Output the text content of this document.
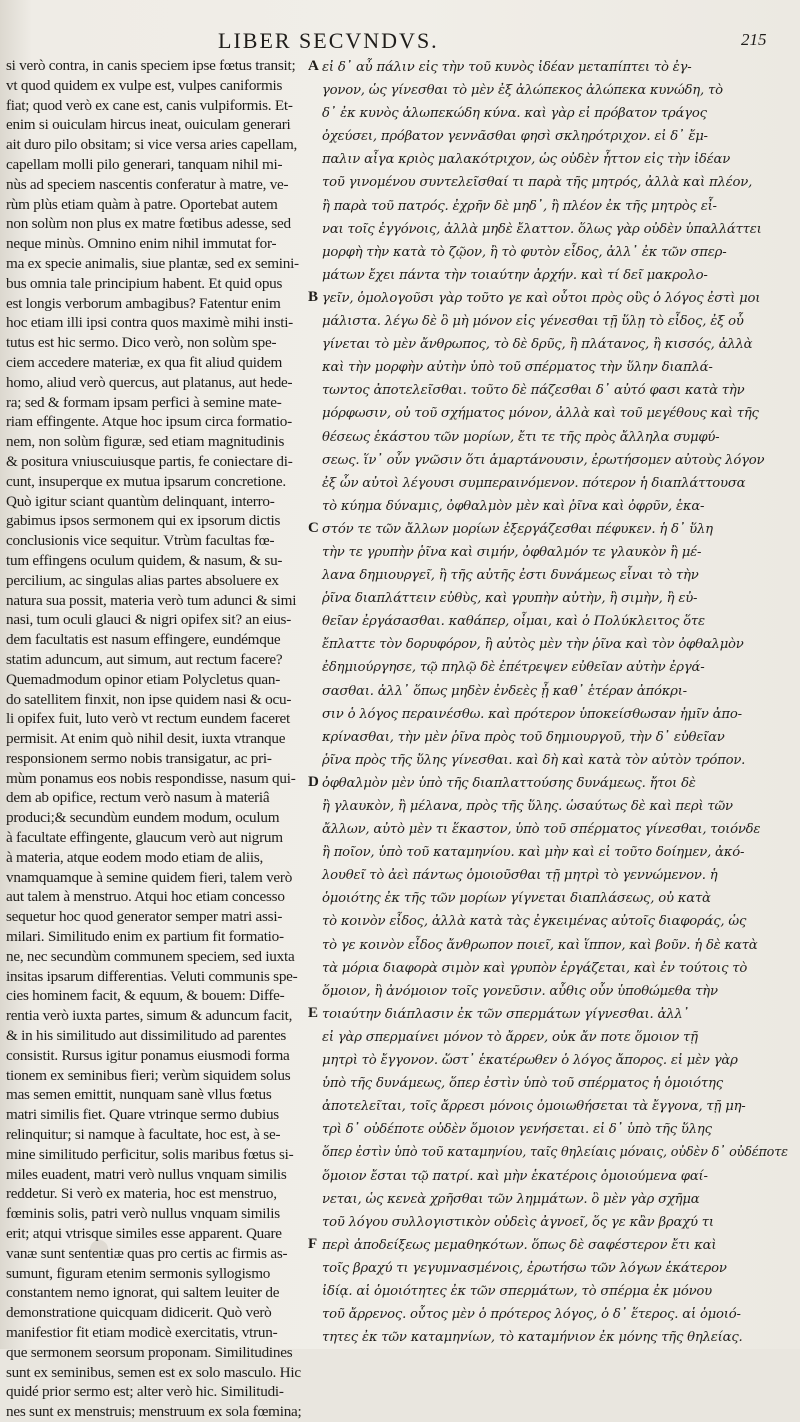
LIBER SECVNDVS.	215
si verò contra, in canis speciem ipse fœtus transit;
vt quod quidem ex vulpe est, vulpes caniformis
fiat; quod verò ex cane est, canis vulpiformis. Et-
enim si ouiculam hircus ineat, ouiculam generari
ait duro pilo obsitam; si vice versa aries capellam,
capellam molli pilo generari, tanquam nihil mi-
nùs ad speciem nascentis conferatur à matre, ve-
rùm plùs etiam quàm à patre. Oportebat autem
non solùm non plus ex matre fœtibus adesse, sed
neque minùs. Omnino enim nihil immutat for-
ma ex specie animalis, siue plantæ, sed ex semini-
bus omnia tale principium habent. Et quid opus
est longis verborum ambagibus? Fatentur enim
hoc etiam illi ipsi contra quos maximè mihi insti-
tutus est hic sermo. Dico verò, non solùm spe-
ciem accedere materiæ, ex qua fit aliud quidem
homo, aliud verò quercus, aut platanus, aut hede-
ra; sed & formam ipsam perfici à semine mate-
riam effingente. Atque hoc ipsum circa formatio-
nem, non solùm figuræ, sed etiam magnitudinis
& positura vniuscuiusque partis, fe coniectare di-
cunt, insuperque ex mutua ipsarum concretione.
Quò igitur sciant quantùm delinquant, interro-
gabimus ipsos sermonem qui ex ipsorum dictis
conclusionis vice sequitur. Vtrùm facultas fœ-
tum effingens oculum quidem, & nasum, & su-
percilium, ac singulas alias partes absoluere ex
natura sua possit, materia verò tum adunci & simi
nasi, tum oculi glauci & nigri opifex sit? an eius-
dem facultatis est nasum effingere, eundémque
statim aduncum, aut simum, aut rectum facere?
Quemadmodum opinor etiam Polycletus quan-
do satellitem finxit, non ipse quidem nasi & ocu-
li opifex fuit, luto verò vt rectum eundem faceret
permisit. At enim quò nihil desit, iuxta vtranque
responsionem sermo nobis transigatur, ac pri-
mùm ponamus eos nobis respondisse, nasum qui-
dem ab opifice, rectum verò nasum à materiâ
produci;& secundùm eundem modum, oculum
à facultate effingente, glaucum verò aut nigrum
à materia, atque eodem modo etiam de aliis,
vnamquamque à semine quidem fieri, talem verò
aut talem à menstruo. Atqui hoc etiam concesso
sequetur hoc quod generator semper matri assi-
milari. Similitudo enim ex partium fit formatio-
ne, nec secundùm communem speciem, sed iuxta
insitas ipsarum differentias. Veluti communis spe-
cies hominem facit, & equum, & bouem: Diffe-
rentia verò iuxta partes, simum & aduncum facit,
& in his similitudo aut dissimilitudo ad parentes
consistit. Rursus igitur ponamus eiusmodi forma
tionem ex seminibus fieri; verùm siquidem solus
mas semen emittit, nunquam sanè vllus fœtus
matri similis fiet. Quare vtrinque sermo dubius
relinquitur; si namque à facultate, hoc est, à se-
mine similitudo perficitur, solis maribus fœtus si-
miles euadent, matri verò nullus vnquam similis
reddetur. Si verò ex materia, hoc est menstruo,
fœminis solis, patri verò nullus vnquam similis
erit; atqui vtrisque similes esse apparent. Quare
vanæ sunt sententiæ quas pro certis ac firmis as-
sumunt, figuram etenim sermonis syllogismo
constantem nemo ignorat, qui saltem leuiter de
demonstratione quicquam didicerit. Quò verò
manifestior fit etiam modicè exercitatis, vtrun-
que sermonem seorsum proponam. Similitudines
sunt ex seminibus, semen est ex solo masculo. Hic
quidé prior sermo est; alter verò hic. Similitudi-
nes sunt ex menstruis; menstruum ex sola fœmina;
A
B
C
D
E
F
εἰ δ᾽ αὖ πάλιν εἰς τὴν τοῦ κυνὸς ἰδέαν μεταπίπτει τὸ ἐγ-
γονον, ὡς γίνεσθαι τὸ μὲν ἐξ ἀλώπεκος ἀλώπεκα κυνώδη, τὸ
δ᾽ ἐκ κυνὸς ἀλωπεκώδη κύνα. καὶ γὰρ εἰ πρόβατον τράγος
ὀχεύσει, πρόβατον γεννᾶσθαι φησὶ σκληρότριχον. εἰ δ᾽ ἔμ-
παλιν αἶγα κριὸς μαλακότριχον, ὡς οὐδὲν ἧττον εἰς τὴν ἰδέαν
τοῦ γινομένου συντελεῖσθαί τι παρὰ τῆς μητρός, ἀλλὰ καὶ πλέον,
ἢ παρὰ τοῦ πατρός. ἐχρῆν δὲ μηδ᾽, ἢ πλέον ἐκ τῆς μητρὸς εἶ-
ναι τοῖς ἐγγόνοις, ἀλλὰ μηδὲ ἔλαττον. ὅλως γὰρ οὐδὲν ὑπαλλάττει
μορφὴ τὴν κατὰ τὸ ζῷον, ἢ τὸ φυτὸν εἶδος, ἀλλ᾽ ἐκ τῶν σπερ-
μάτων ἔχει πάντα τὴν τοιαύτην ἀρχήν. καὶ τί δεῖ μακρολο-
γεῖν, ὁμολογοῦσι γὰρ τοῦτο γε καὶ οὗτοι πρὸς οὓς ὁ λόγος ἐστὶ μοι
μάλιστα. λέγω δὲ ὃ μὴ μόνον εἰς γένεσθαι τῇ ὕλῃ τὸ εἶδος, ἐξ οὗ
γίνεται τὸ μὲν ἄνθρωπος, τὸ δὲ δρῦς, ἢ πλάτανος, ἢ κισσός, ἀλλὰ
καὶ τὴν μορφὴν αὐτὴν ὑπὸ τοῦ σπέρματος τὴν ὕλην διαπλά-
τωντος ἀποτελεῖσθαι. τοῦτο δὲ πάζεσθαι δ᾽ αὐτό φασι κατὰ τὴν
μόρφωσιν, οὐ τοῦ σχήματος μόνον, ἀλλὰ καὶ τοῦ μεγέθους καὶ τῆς
θέσεως ἑκάστου τῶν μορίων, ἔτι τε τῆς πρὸς ἄλληλα συμφύ-
σεως. ἵν᾽ οὖν γνῶσιν ὅτι ἁμαρτάνουσιν, ἐρωτήσομεν αὐτοὺς λόγον
ἐξ ὧν αὐτοὶ λέγουσι συμπεραινόμενον. πότερον ἡ διαπλάττουσα
τὸ κύημα δύναμις, ὀφθαλμὸν μὲν καὶ ῥῖνα καὶ ὀφρῦν, ἑκα-
στόν τε τῶν ἄλλων μορίων ἐξεργάζεσθαι πέφυκεν. ἡ δ᾽ ὕλη
τὴν τε γρυπὴν ῥῖνα καὶ σιμήν, ὀφθαλμόν τε γλαυκὸν ἢ μέ-
λανα δημιουργεῖ, ἢ τῆς αὐτῆς ἐστι δυνάμεως εἶναι τὸ τὴν
ῥῖνα διαπλάττειν εὐθὺς, καὶ γρυπὴν αὐτὴν, ἢ σιμὴν, ἢ εὐ-
θεῖαν ἐργάσασθαι. καθάπερ, οἶμαι, καὶ ὁ Πολύκλειτος ὅτε
ἔπλαττε τὸν δορυφόρον, ἢ αὐτὸς μὲν τὴν ῥῖνα καὶ τὸν ὀφθαλμὸν
ἐδημιούργησε, τῷ πηλῷ δὲ ἐπέτρεψεν εὐθεῖαν αὐτὴν ἐργά-
σασθαι. ἀλλ᾽ ὅπως μηδὲν ἐνδεὲς ᾖ καθ᾽ ἑτέραν ἀπόκρι-
σιν ὁ λόγος περαινέσθω. καὶ πρότερον ὑποκείσθωσαν ἡμῖν ἀπο-
κρίνασθαι, τὴν μὲν ῥῖνα πρὸς τοῦ δημιουργοῦ, τὴν δ᾽ εὐθεῖαν
ῥῖνα πρὸς τῆς ὕλης γίνεσθαι. καὶ δὴ καὶ κατὰ τὸν αὐτὸν τρόπον.
ὀφθαλμὸν μὲν ὑπὸ τῆς διαπλαττούσης δυνάμεως. ἤτοι δὲ
ἢ γλαυκὸν, ἢ μέλανα, πρὸς τῆς ὕλης. ὡσαύτως δὲ καὶ περὶ τῶν
ἄλλων, αὐτὸ μὲν τι ἕκαστον, ὑπὸ τοῦ σπέρματος γίνεσθαι, τοιόνδε
ἢ ποῖον, ὑπὸ τοῦ καταμηνίου. καὶ μὴν καὶ εἰ τοῦτο δοίημεν, ἀκό-
λουθεῖ τὸ ἀεὶ πάντως ὁμοιοῦσθαι τῇ μητρὶ τὸ γεννώμενον. ἡ
ὁμοιότης ἐκ τῆς τῶν μορίων γίγνεται διαπλάσεως, οὐ κατὰ
τὸ κοινὸν εἶδος, ἀλλὰ κατὰ τὰς ἐγκειμένας αὐτοῖς διαφοράς, ὡς
τὸ γε κοινὸν εἶδος ἄνθρωπον ποιεῖ, καὶ ἵππον, καὶ βοῦν. ἡ δὲ κατὰ
τὰ μόρια διαφορὰ σιμὸν καὶ γρυπὸν ἐργάζεται, καὶ ἐν τούτοις τὸ
ὅμοιον, ἢ ἀνόμοιον τοῖς γονεῦσιν. αὖθις οὖν ὑποθώμεθα τὴν
τοιαύτην διάπλασιν ἐκ τῶν σπερμάτων γίγνεσθαι. ἀλλ᾽
εἰ γὰρ σπερμαίνει μόνον τὸ ἄρρεν, οὐκ ἄν ποτε ὅμοιον τῇ
μητρὶ τὸ ἔγγονον. ὥστ᾽ ἑκατέρωθεν ὁ λόγος ἄπορος. εἰ μὲν γὰρ
ὑπὸ τῆς δυνάμεως, ὅπερ ἐστὶν ὑπὸ τοῦ σπέρματος ἡ ὁμοιότης
ἀποτελεῖται, τοῖς ἄρρεσι μόνοις ὁμοιωθήσεται τὰ ἔγγονα, τῇ μη-
τρὶ δ᾽ οὐδέποτε οὐδὲν ὅμοιον γενήσεται. εἰ δ᾽ ὑπὸ τῆς ὕλης
ὅπερ ἐστὶν ὑπὸ τοῦ καταμηνίου, ταῖς θηλείαις μόναις, οὐδὲν δ᾽ οὐδέποτε
ὅμοιον ἔσται τῷ πατρί. καὶ μὴν ἑκατέροις ὁμοιούμενα φαί-
νεται, ὡς κενεὰ χρῆσθαι τῶν λημμάτων. ὃ μὲν γὰρ σχῆμα
τοῦ λόγου συλλογιστικὸν οὐδεὶς ἀγνοεῖ, ὅς γε κἂν βραχύ τι
περὶ ἀποδείξεως μεμαθηκότων. ὅπως δὲ σαφέστερον ἔτι καὶ
τοῖς βραχύ τι γεγυμνασμένοις, ἐρωτήσω τῶν λόγων ἑκάτερον
ἰδίᾳ. αἱ ὁμοιότητες ἐκ τῶν σπερμάτων, τὸ σπέρμα ἐκ μόνου
τοῦ ἄρρενος. οὗτος μὲν ὁ πρότερος λόγος, ὁ δ᾽ ἕτερος. αἱ ὁμοιό-
τητες ἐκ τῶν καταμηνίων, τὸ καταμήνιον ἐκ μόνης τῆς θηλείας.
